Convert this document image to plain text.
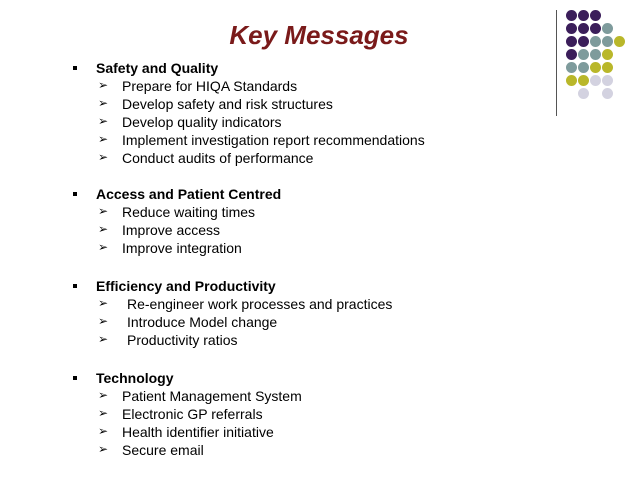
Key Messages
Safety and Quality
➢ Prepare for HIQA Standards
➢ Develop safety and risk structures
➢ Develop quality indicators
➢ Implement investigation report recommendations
➢ Conduct audits of performance
Access and Patient Centred
➢ Reduce waiting times
➢ Improve access
➢ Improve integration
Efficiency and Productivity
➢ Re-engineer work processes and practices
➢ Introduce Model change
➢ Productivity ratios
Technology
➢ Patient Management System
➢ Electronic GP referrals
➢ Health identifier initiative
➢ Secure email
